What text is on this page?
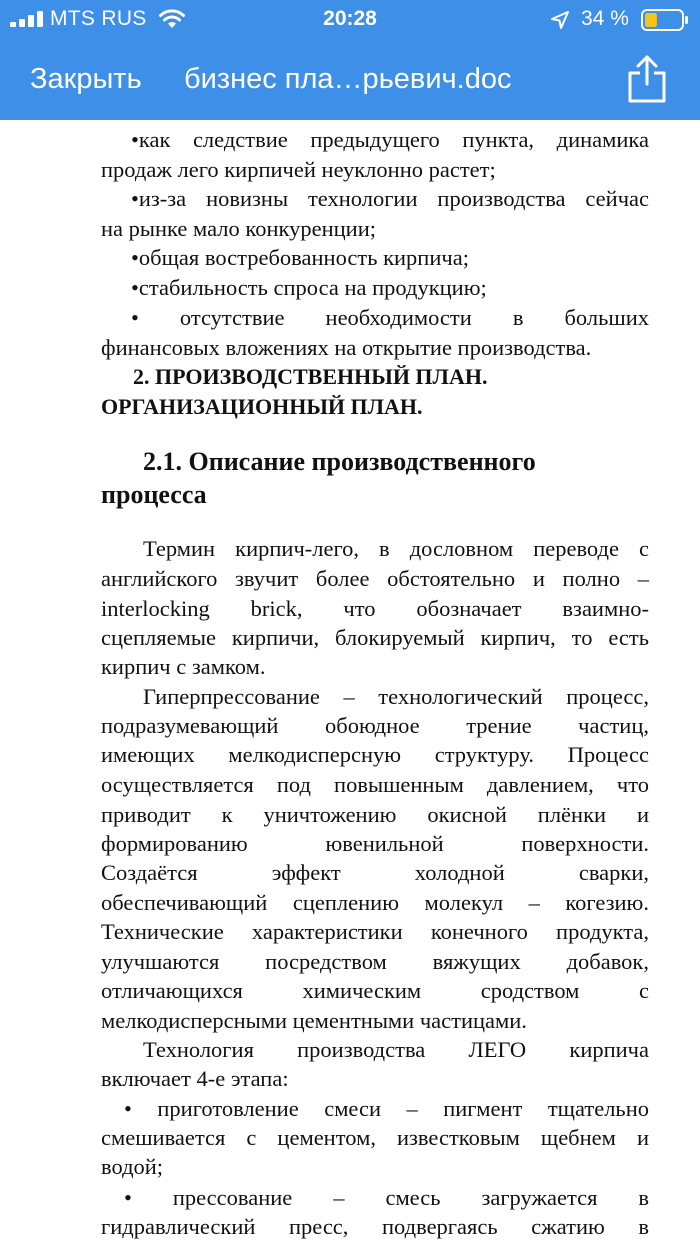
•как следствие предыдущего пункта, динамика
продаж лего кирпичей неуклонно растет;
•из-за новизны технологии производства сейчас
на рынке мало конкуренции;
•общая востребованность кирпича;
•стабильность спроса на продукцию;
• отсутствие необходимости в больших
финансовых вложениях на открытие производства.
2. ПРОИЗВОДСТВЕННЫЙ ПЛАН.
ОРГАНИЗАЦИОННЫЙ ПЛАН.
2.1. Описание производственного
процесса
Термин кирпич-лего, в дословном переводе с
английского звучит более обстоятельно и полно –
interlocking brick, что обозначает взаимно-
сцепляемые кирпичи, блокируемый кирпич, то есть
кирпич с замком.
Гиперпрессование – технологический процесс,
подразумевающий обоюдное трение частиц,
имеющих мелкодисперсную структуру. Процесс
осуществляется под повышенным давлением, что
приводит к уничтожению окисной плёнки и
формированию ювенильной поверхности.
Создаётся эффект холодной сварки,
обеспечивающий сцеплению молекул – когезию.
Технические характеристики конечного продукта,
улучшаются посредством вяжущих добавок,
отличающихся химическим сродством с
мелкодисперсными цементными частицами.
Технология производства ЛЕГО кирпича
включает 4-е этапа:
• приготовление смеси – пигмент тщательно
смешивается с цементом, известковым щебнем и
водой;
• прессование – смесь загружается в
гидравлический пресс, подвергаясь сжатию в
MTS RUS	20:28	34 %
Закрыть бизнес пла…рьевич.doc
